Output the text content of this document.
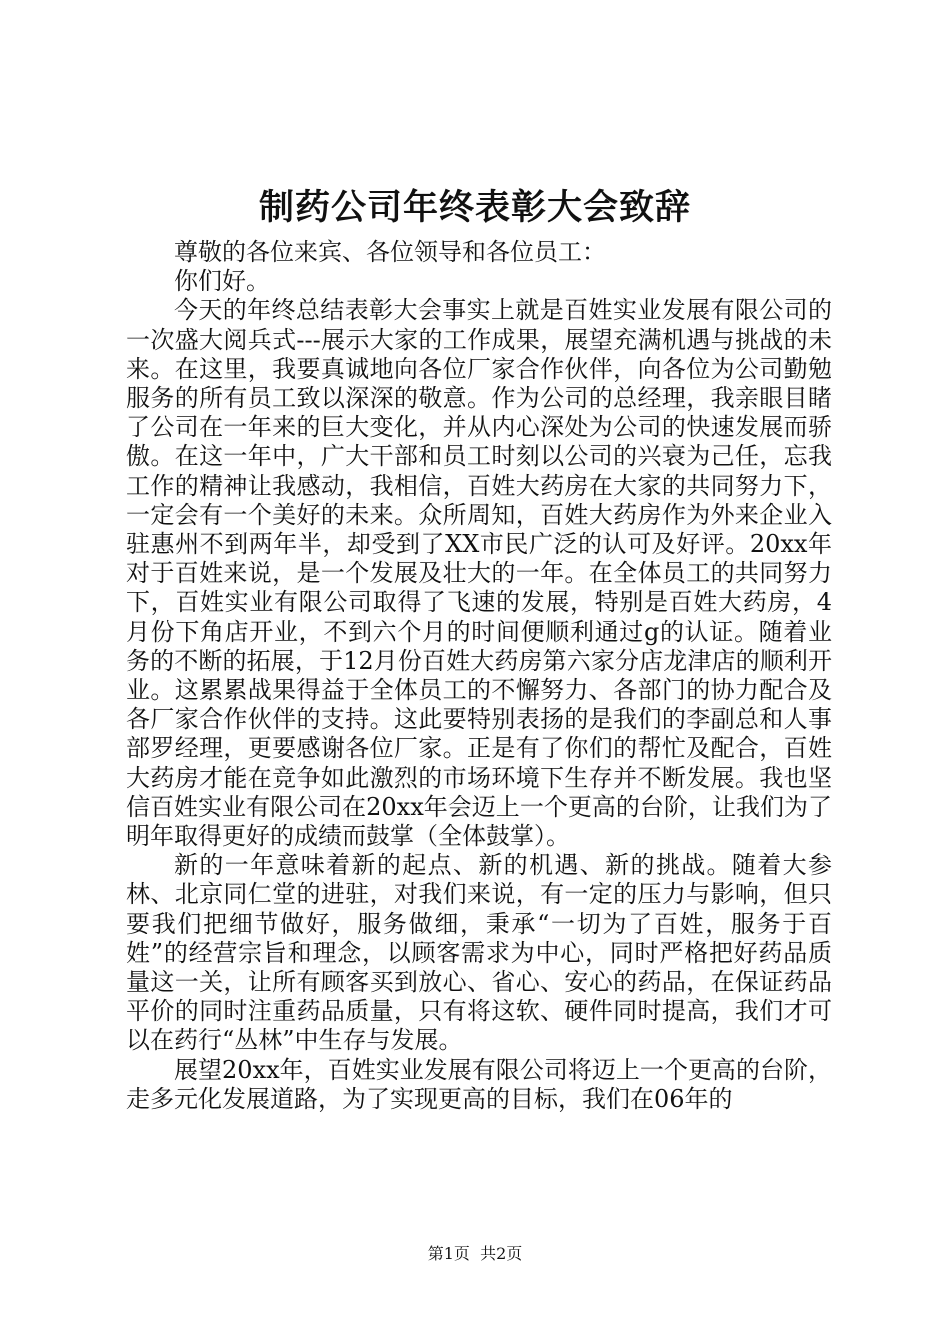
制药公司年终表彰大会致辞

尊敬的各位来宾、各位领导和各位员工：

你们好。

今天的年终总结表彰大会事实上就是百姓实业发展有限公司的一次盛大阅兵式---展示大家的工作成果，展望充满机遇与挑战的未来。在这里，我要真诚地向各位厂家合作伙伴，向各位为公司勤勉服务的所有员工致以深深的敬意。作为公司的总经理，我亲眼目睹了公司在一年来的巨大变化，并从内心深处为公司的快速发展而骄傲。在这一年中，广大干部和员工时刻以公司的兴衰为己任，忘我工作的精神让我感动，我相信，百姓大药房在大家的共同努力下，一定会有一个美好的未来。众所周知，百姓大药房作为外来企业入驻惠州不到两年半，却受到了XX市民广泛的认可及好评。20xx年对于百姓来说，是一个发展及壮大的一年。在全体员工的共同努力下，百姓实业有限公司取得了飞速的发展，特别是百姓大药房，4月份下角店开业，不到六个月的时间便顺利通过g的认证。随着业务的不断的拓展，于12月份百姓大药房第六家分店龙津店的顺利开业。这累累战果得益于全体员工的不懈努力、各部门的协力配合及各厂家合作伙伴的支持。这此要特别表扬的是我们的李副总和人事部罗经理，更要感谢各位厂家。正是有了你们的帮忙及配合，百姓大药房才能在竞争如此激烈的市场环境下生存并不断发展。我也坚信百姓实业有限公司在20xx年会迈上一个更高的台阶，让我们为了明年取得更好的成绩而鼓掌（全体鼓掌）。

新的一年意味着新的起点、新的机遇、新的挑战。随着大参林、北京同仁堂的进驻，对我们来说，有一定的压力与影响，但只要我们把细节做好，服务做细，秉承“一切为了百姓，服务于百姓”的经营宗旨和理念，以顾客需求为中心，同时严格把好药品质量这一关，让所有顾客买到放心、省心、安心的药品，在保证药品平价的同时注重药品质量，只有将这软、硬件同时提高，我们才可以在药行“丛林”中生存与发展。

展望20xx年，百姓实业发展有限公司将迈上一个更高的台阶，走多元化发展道路，为了实现更高的目标，我们在06年的

第1页 共2页
